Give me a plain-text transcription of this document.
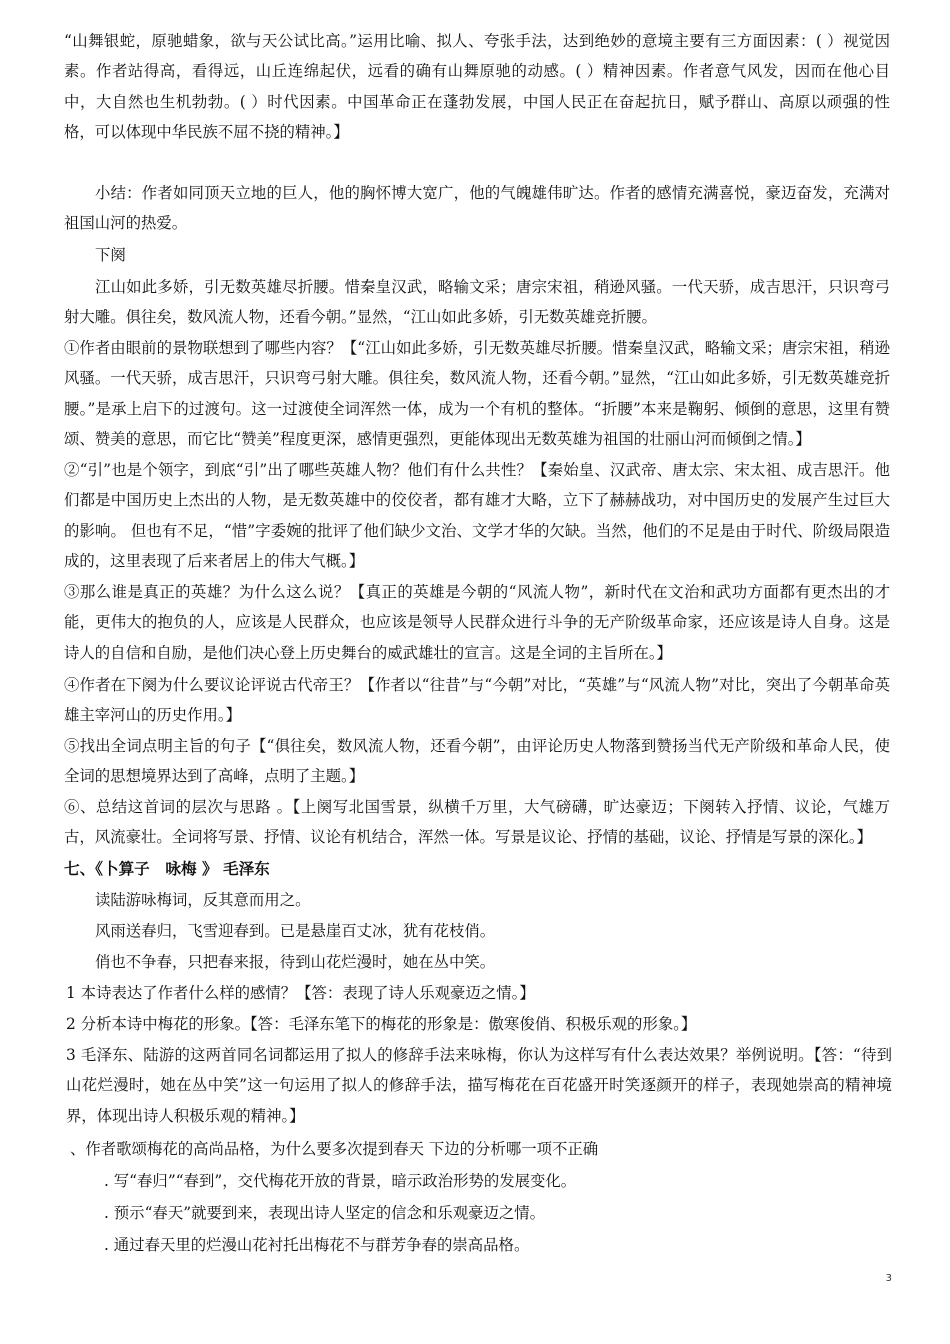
“山舞银蛇，原驰蜡象，欲与天公试比高。”运用比喻、拟人、夸张手法，达到绝妙的意境主要有三方面因素：( ）视觉因素。作者站得高，看得远，山丘连绵起伏，远看的确有山舞原驰的动感。( ）精神因素。作者意气风发，因而在他心目中，大自然也生机勃勃。( ）时代因素。中国革命正在蓬勃发展，中国人民正在奋起抗日，赋予群山、高原以顽强的性格，可以体现中华民族不屈不挠的精神。】
小结：作者如同顶天立地的巨人，他的胸怀博大宽广，他的气魄雄伟旷达。作者的感情充满喜悦，豪迈奋发，充满对祖国山河的热爱。
下阕
江山如此多娇，引无数英雄尽折腰。惜秦皇汉武，略输文采；唐宗宋祖，稍逊风骚。一代天骄，成吉思汗，只识弯弓射大雕。俱往矣，数风流人物，还看今朝。”显然，“江山如此多娇，引无数英雄竞折腰。
①作者由眼前的景物联想到了哪些内容？【“江山如此多娇，引无数英雄尽折腰。惜秦皇汉武，略输文采；唐宗宋祖，稍逊风骚。一代天骄，成吉思汗，只识弯弓射大雕。俱往矣，数风流人物，还看今朝。”显然，“江山如此多娇，引无数英雄竞折腰。”是承上启下的过渡句。这一过渡使全词浑然一体，成为一个有机的整体。“折腰”本来是鞠躬、倾倒的意思，这里有赞颂、赞美的意思，而它比“赞美”程度更深，感情更强烈，更能体现出无数英雄为祖国的壮丽山河而倾倒之情。】
②“引”也是个领字，到底“引”出了哪些英雄人物？他们有什么共性？【秦始皇、汉武帝、唐太宗、宋太祖、成吉思汗。他们都是中国历史上杰出的人物，是无数英雄中的佼佼者，都有雄才大略，立下了赫赫战功，对中国历史的发展产生过巨大的影响。 但也有不足，“惜”字委婉的批评了他们缺少文治、文学才华的欠缺。当然，他们的不足是由于时代、阶级局限造成的，这里表现了后来者居上的伟大气概。】
③那么谁是真正的英雄？为什么这么说？【真正的英雄是今朝的“风流人物”，新时代在文治和武功方面都有更杰出的才能，更伟大的抱负的人，应该是人民群众，也应该是领导人民群众进行斗争的无产阶级革命家，还应该是诗人自身。这是诗人的自信和自励，是他们决心登上历史舞台的威武雄壮的宣言。这是全词的主旨所在。】
④作者在下阕为什么要议论评说古代帝王？【作者以“往昔”与“今朝”对比，“英雄”与“风流人物”对比，突出了今朝革命英雄主宰河山的历史作用。】
⑤找出全词点明主旨的句子【“俱往矣，数风流人物，还看今朝”，由评论历史人物落到赞扬当代无产阶级和革命人民，使全词的思想境界达到了高峰，点明了主题。】
⑥、总结这首词的层次与思路 。【上阕写北国雪景，纵横千万里，大气磅礴，旷达豪迈；下阕转入抒情、议论，气雄万古，风流豪壮。全词将写景、抒情、议论有机结合，浑然一体。写景是议论、抒情的基础，议论、抒情是写景的深化。】
七、《卜算子　咏梅 》 毛泽东
读陆游咏梅词，反其意而用之。
风雨送春归，飞雪迎春到。已是悬崖百丈冰，犹有花枝俏。
俏也不争春，只把春来报，待到山花烂漫时，她在丛中笑。
1 本诗表达了作者什么样的感情？【答：表现了诗人乐观豪迈之情。】
2 分析本诗中梅花的形象。【答：毛泽东笔下的梅花的形象是：傲寒俊俏、积极乐观的形象。】
3 毛泽东、陆游的这两首同名词都运用了拟人的修辞手法来咏梅，你认为这样写有什么表达效果？举例说明。【答：“待到山花烂漫时，她在丛中笑”这一句运用了拟人的修辞手法，描写梅花在百花盛开时笑逐颜开的样子，表现她崇高的精神境界，体现出诗人积极乐观的精神。】
、作者歌颂梅花的高尚品格，为什么要多次提到春天 下边的分析哪一项不正确
. 写“春归”“春到”，交代梅花开放的背景，暗示政治形势的发展变化。
. 预示“春天”就要到来，表现出诗人坚定的信念和乐观豪迈之情。
. 通过春天里的烂漫山花衬托出梅花不与群芳争春的崇高品格。
3
